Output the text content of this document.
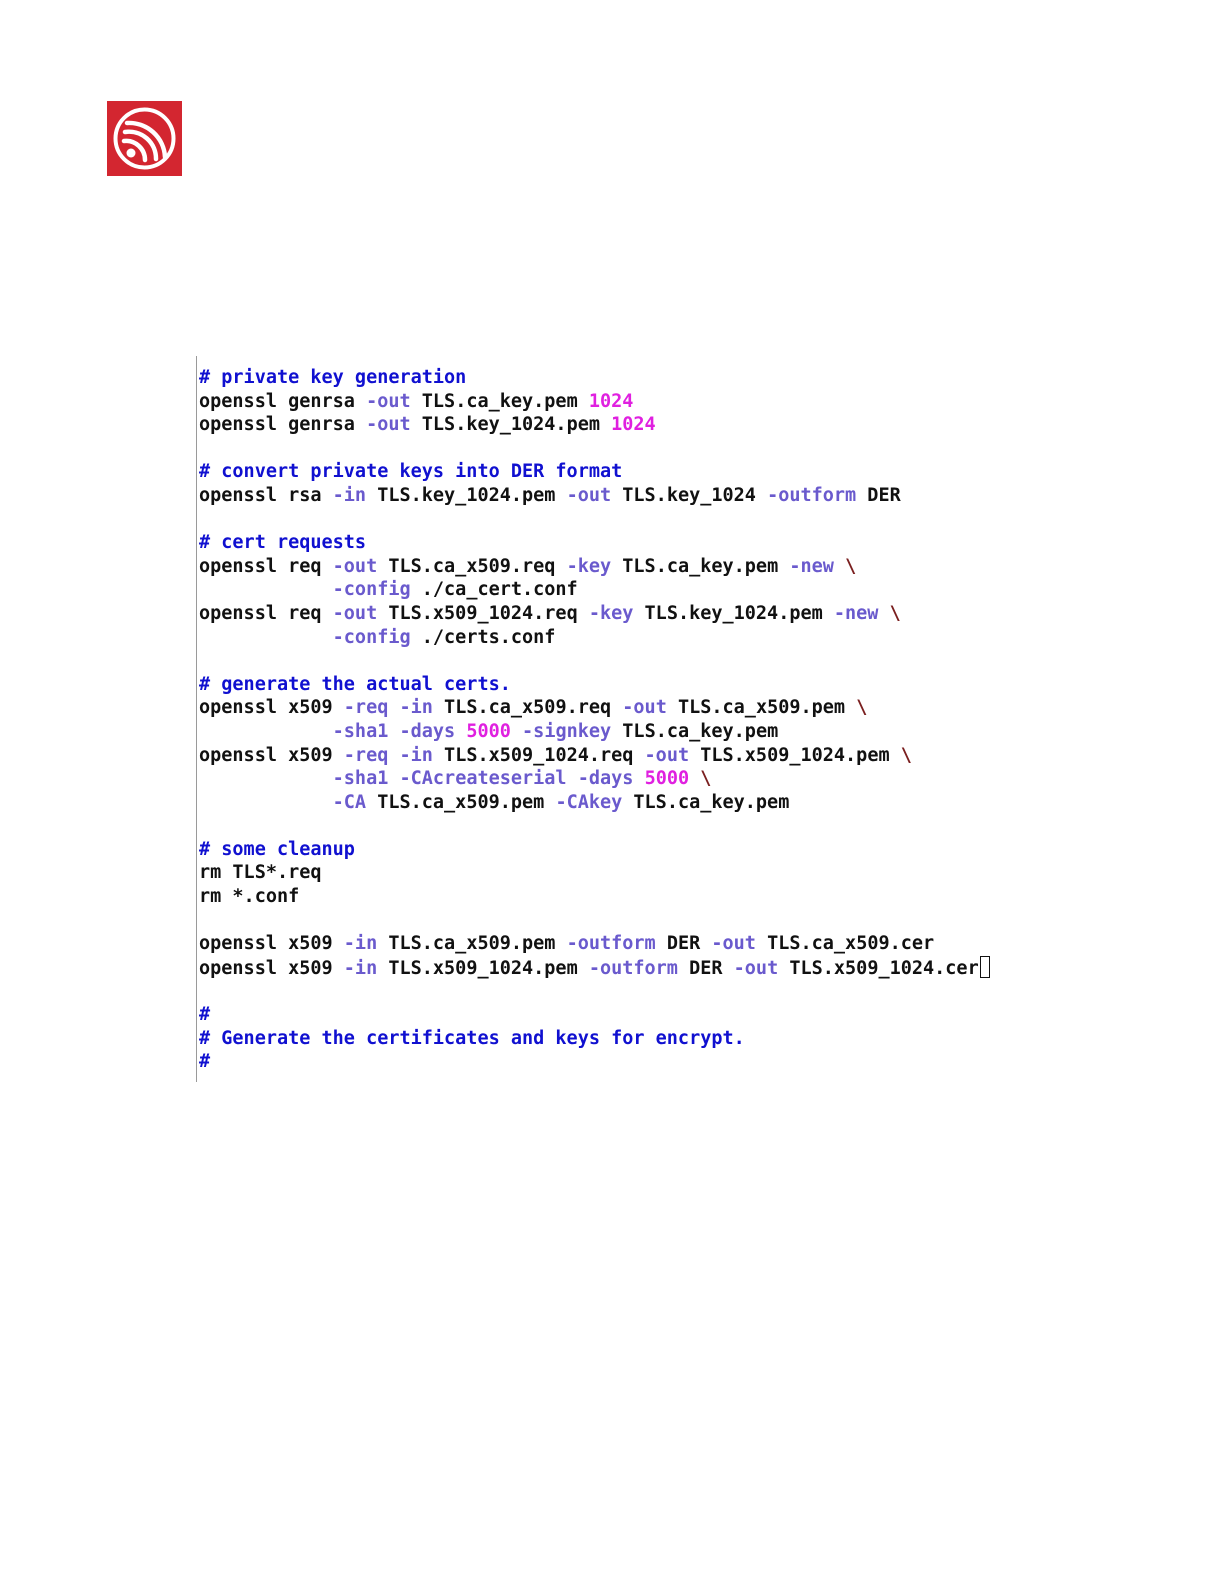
# private key generation
openssl genrsa -out TLS.ca_key.pem 1024
openssl genrsa -out TLS.key_1024.pem 1024
# convert private keys into DER format
openssl rsa -in TLS.key_1024.pem -out TLS.key_1024 -outform DER
# cert requests
openssl req -out TLS.ca_x509.req -key TLS.ca_key.pem -new \
-config ./ca_cert.conf
openssl req -out TLS.x509_1024.req -key TLS.key_1024.pem -new \
-config ./certs.conf
# generate the actual certs.
openssl x509 -req -in TLS.ca_x509.req -out TLS.ca_x509.pem \
-sha1 -days 5000 -signkey TLS.ca_key.pem
openssl x509 -req -in TLS.x509_1024.req -out TLS.x509_1024.pem \
-sha1 -CAcreateserial -days 5000 \
-CA TLS.ca_x509.pem -CAkey TLS.ca_key.pem
# some cleanup
rm TLS*.req
rm *.conf
openssl x509 -in TLS.ca_x509.pem -outform DER -out TLS.ca_x509.cer
openssl x509 -in TLS.x509_1024.pem -outform DER -out TLS.x509_1024.cer
#
# Generate the certificates and keys for encrypt.
#
